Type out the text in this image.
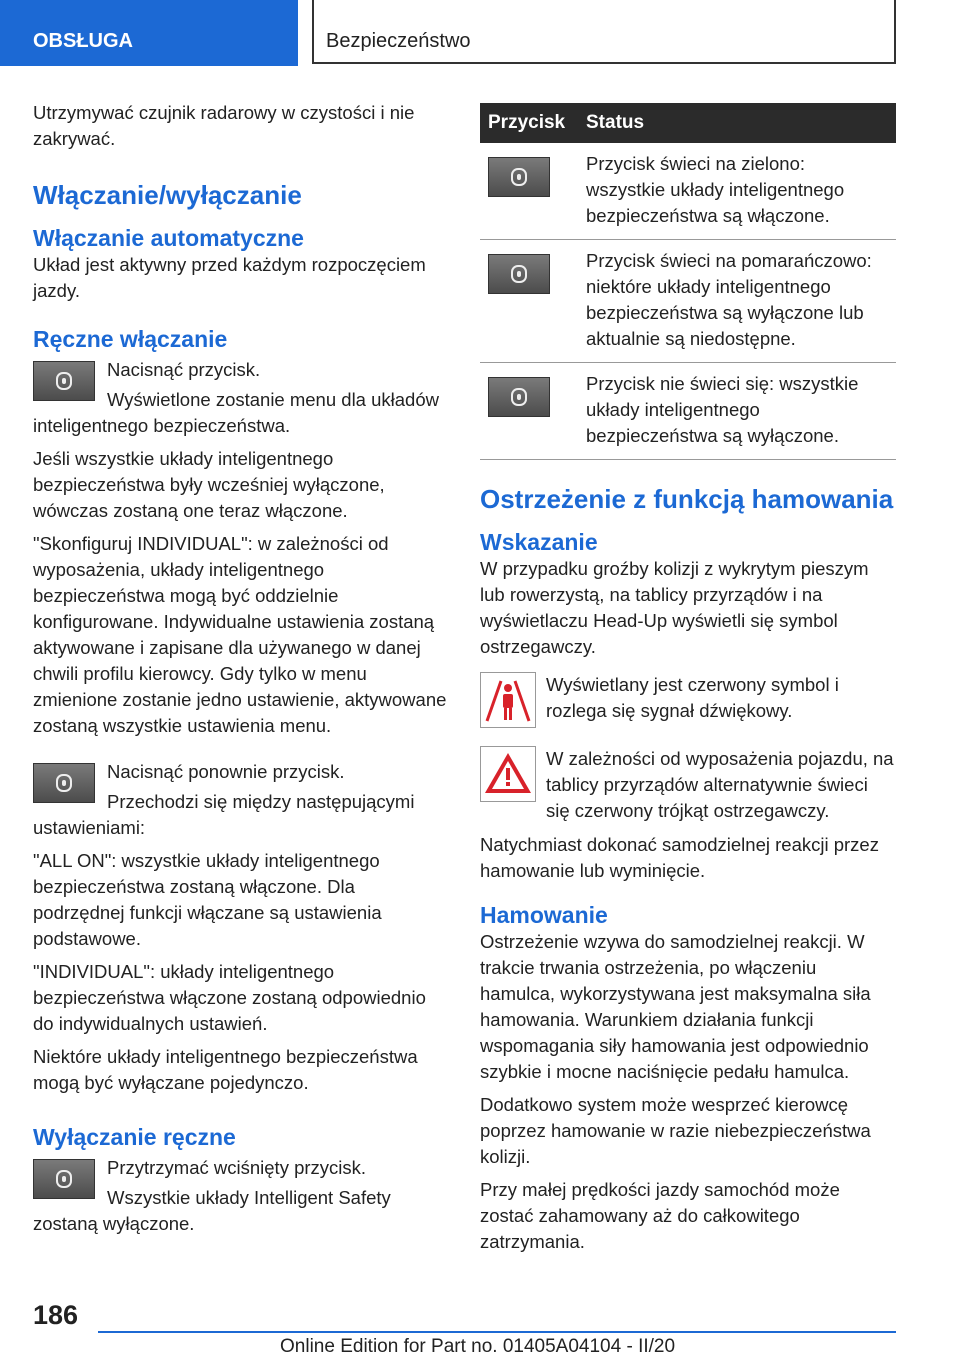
OBSŁUGA	Bezpieczeństwo

Utrzymywać czujnik radarowy w czystości i nie zakrywać.

Włączanie/wyłączanie
Włączanie automatyczne

Układ jest aktywny przed każdym rozpoczęciem jazdy.

Ręczne włączanie

Nacisnąć przycisk.

Wyświetlone zostanie menu dla układów inteligentnego bezpieczeństwa.

Jeśli wszystkie układy inteligentnego bezpieczeństwa były wcześniej wyłączone, wówczas zostaną one teraz włączone.

"Skonfiguruj INDIVIDUAL": w zależności od wyposażenia, układy inteligentnego bezpieczeństwa mogą być oddzielnie konfigurowane. Indywidualne ustawienia zostaną aktywowane i zapisane dla używanego w danej chwili profilu kierowcy. Gdy tylko w menu zmienione zostanie jedno ustawienie, aktywowane zostaną wszystkie ustawienia menu.

Nacisnąć ponownie przycisk.

Przechodzi się między następującymi ustawieniami:

"ALL ON": wszystkie układy inteligentnego bezpieczeństwa zostaną włączone. Dla podrzędnej funkcji włączane są ustawienia podstawowe.

"INDIVIDUAL": układy inteligentnego bezpieczeństwa włączone zostaną odpowiednio do indywidualnych ustawień.

Niektóre układy inteligentnego bezpieczeństwa mogą być wyłączane pojedynczo.

Wyłączanie ręczne

Przytrzymać wciśnięty przycisk.

Wszystkie układy Intelligent Safety zostaną wyłączone.

Przycisk	Status

	Przycisk świeci na zielono: wszystkie układy inteligentnego bezpieczeństwa są włączone.

	Przycisk świeci na pomarańczowo: niektóre układy inteligentnego bezpieczeństwa są wyłączone lub aktualnie są niedostępne.

	Przycisk nie świeci się: wszystkie układy inteligentnego bezpieczeństwa są wyłączone.
Ostrzeżenie z funkcją hamowania
Wskazanie

W przypadku groźby kolizji z wykrytym pieszym lub rowerzystą, na tablicy przyrządów i na wyświetlaczu Head-Up wyświetli się symbol ostrzegawczy.

Wyświetlany jest czerwony symbol i rozlega się sygnał dźwiękowy.

W zależności od wyposażenia pojazdu, na tablicy przyrządów alternatywnie świeci się czerwony trójkąt ostrzegawczy.

Natychmiast dokonać samodzielnej reakcji przez hamowanie lub wyminięcie.

Hamowanie

Ostrzeżenie wzywa do samodzielnej reakcji. W trakcie trwania ostrzeżenia, po włączeniu hamulca, wykorzystywana jest maksymalna siła hamowania. Warunkiem działania funkcji wspomagania siły hamowania jest odpowiednio szybkie i mocne naciśnięcie pedału hamulca.

Dodatkowo system może wesprzeć kierowcę poprzez hamowanie w razie niebezpieczeństwa kolizji.

Przy małej prędkości jazdy samochód może zostać zahamowany aż do całkowitego zatrzymania.

186
Online Edition for Part no. 01405A04104 - II/20
